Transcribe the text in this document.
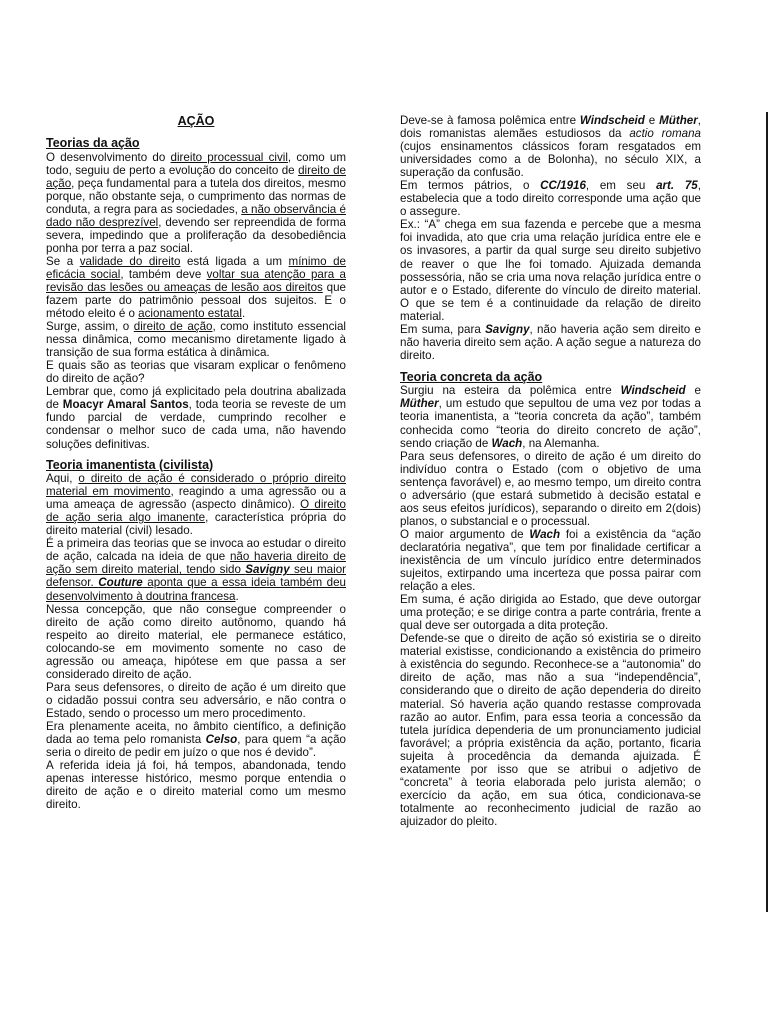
AÇÃO
Teorias da ação

O desenvolvimento do direito processual civil, como um todo, seguiu de perto a evolução do conceito de direito de ação, peça fundamental para a tutela dos direitos, mesmo porque, não obstante seja, o cumprimento das normas de conduta, a regra para as sociedades, a não observância é dado não desprezível, devendo ser repreendida de forma severa, impedindo que a proliferação da desobediência ponha por terra a paz social.

Se a validade do direito está ligada a um mínimo de eficácia social, também deve voltar sua atenção para a revisão das lesões ou ameaças de lesão aos direitos que fazem parte do patrimônio pessoal dos sujeitos. E o método eleito é o acionamento estatal.

Surge, assim, o direito de ação, como instituto essencial nessa dinâmica, como mecanismo diretamente ligado à transição de sua forma estática à dinâmica.

E quais são as teorias que visaram explicar o fenômeno do direito de ação?

Lembrar que, como já explicitado pela doutrina abalizada de Moacyr Amaral Santos, toda teoria se reveste de um fundo parcial de verdade, cumprindo recolher e condensar o melhor suco de cada uma, não havendo soluções definitivas.

Teoria imanentista (civilista)

Aqui, o direito de ação é considerado o próprio direito material em movimento, reagindo a uma agressão ou a uma ameaça de agressão (aspecto dinâmico). O direito de ação seria algo imanente, característica própria do direito material (civil) lesado.

É a primeira das teorias que se invoca ao estudar o direito de ação, calcada na ideia de que não haveria direito de ação sem direito material, tendo sido Savigny seu maior defensor. Couture aponta que a essa ideia também deu desenvolvimento à doutrina francesa.

Nessa concepção, que não consegue compreender o direito de ação como direito autônomo, quando há respeito ao direito material, ele permanece estático, colocando-se em movimento somente no caso de agressão ou ameaça, hipótese em que passa a ser considerado direito de ação.

Para seus defensores, o direito de ação é um direito que o cidadão possui contra seu adversário, e não contra o Estado, sendo o processo um mero procedimento.

Era plenamente aceita, no âmbito científico, a definição dada ao tema pelo romanista Celso, para quem “a ação seria o direito de pedir em juízo o que nos é devido”.

A referida ideia já foi, há tempos, abandonada, tendo apenas interesse histórico, mesmo porque entendia o direito de ação e o direito material como um mesmo direito.

Deve-se à famosa polêmica entre Windscheid e Müther, dois romanistas alemães estudiosos da actio romana (cujos ensinamentos clássicos foram resgatados em universidades como a de Bolonha), no século XIX, a superação da confusão.

Em termos pátrios, o CC/1916, em seu art. 75, estabelecia que a todo direito corresponde uma ação que o assegure.

Ex.: “A” chega em sua fazenda e percebe que a mesma foi invadida, ato que cria uma relação jurídica entre ele e os invasores, a partir da qual surge seu direito subjetivo de reaver o que lhe foi tomado. Ajuizada demanda possessória, não se cria uma nova relação jurídica entre o autor e o Estado, diferente do vínculo de direito material. O que se tem é a continuidade da relação de direito material.

Em suma, para Savigny, não haveria ação sem direito e não haveria direito sem ação. A ação segue a natureza do direito.

Teoria concreta da ação

Surgiu na esteira da polêmica entre Windscheid e Müther, um estudo que sepultou de uma vez por todas a teoria imanentista, a “teoria concreta da ação”, também conhecida como “teoria do direito concreto de ação”, sendo criação de Wach, na Alemanha.

Para seus defensores, o direito de ação é um direito do indivíduo contra o Estado (com o objetivo de uma sentença favorável) e, ao mesmo tempo, um direito contra o adversário (que estará submetido à decisão estatal e aos seus efeitos jurídicos), separando o direito em 2(dois) planos, o substancial e o processual.

O maior argumento de Wach foi a existência da “ação declaratória negativa”, que tem por finalidade certificar a inexistência de um vínculo jurídico entre determinados sujeitos, extirpando uma incerteza que possa pairar com relação a eles.

Em suma, é ação dirigida ao Estado, que deve outorgar uma proteção; e se dirige contra a parte contrária, frente a qual deve ser outorgada a dita proteção.

Defende-se que o direito de ação só existiria se o direito material existisse, condicionando a existência do primeiro à existência do segundo. Reconhece-se a “autonomia” do direito de ação, mas não a sua “independência”, considerando que o direito de ação dependeria do direito material. Só haveria ação quando restasse comprovada razão ao autor. Enfim, para essa teoria a concessão da tutela jurídica dependeria de um pronunciamento judicial favorável; a própria existência da ação, portanto, ficaria sujeita à procedência da demanda ajuizada. É exatamente por isso que se atribui o adjetivo de “concreta” à teoria elaborada pelo jurista alemão; o exercício da ação, em sua ótica, condicionava-se totalmente ao reconhecimento judicial de razão ao ajuizador do pleito.
